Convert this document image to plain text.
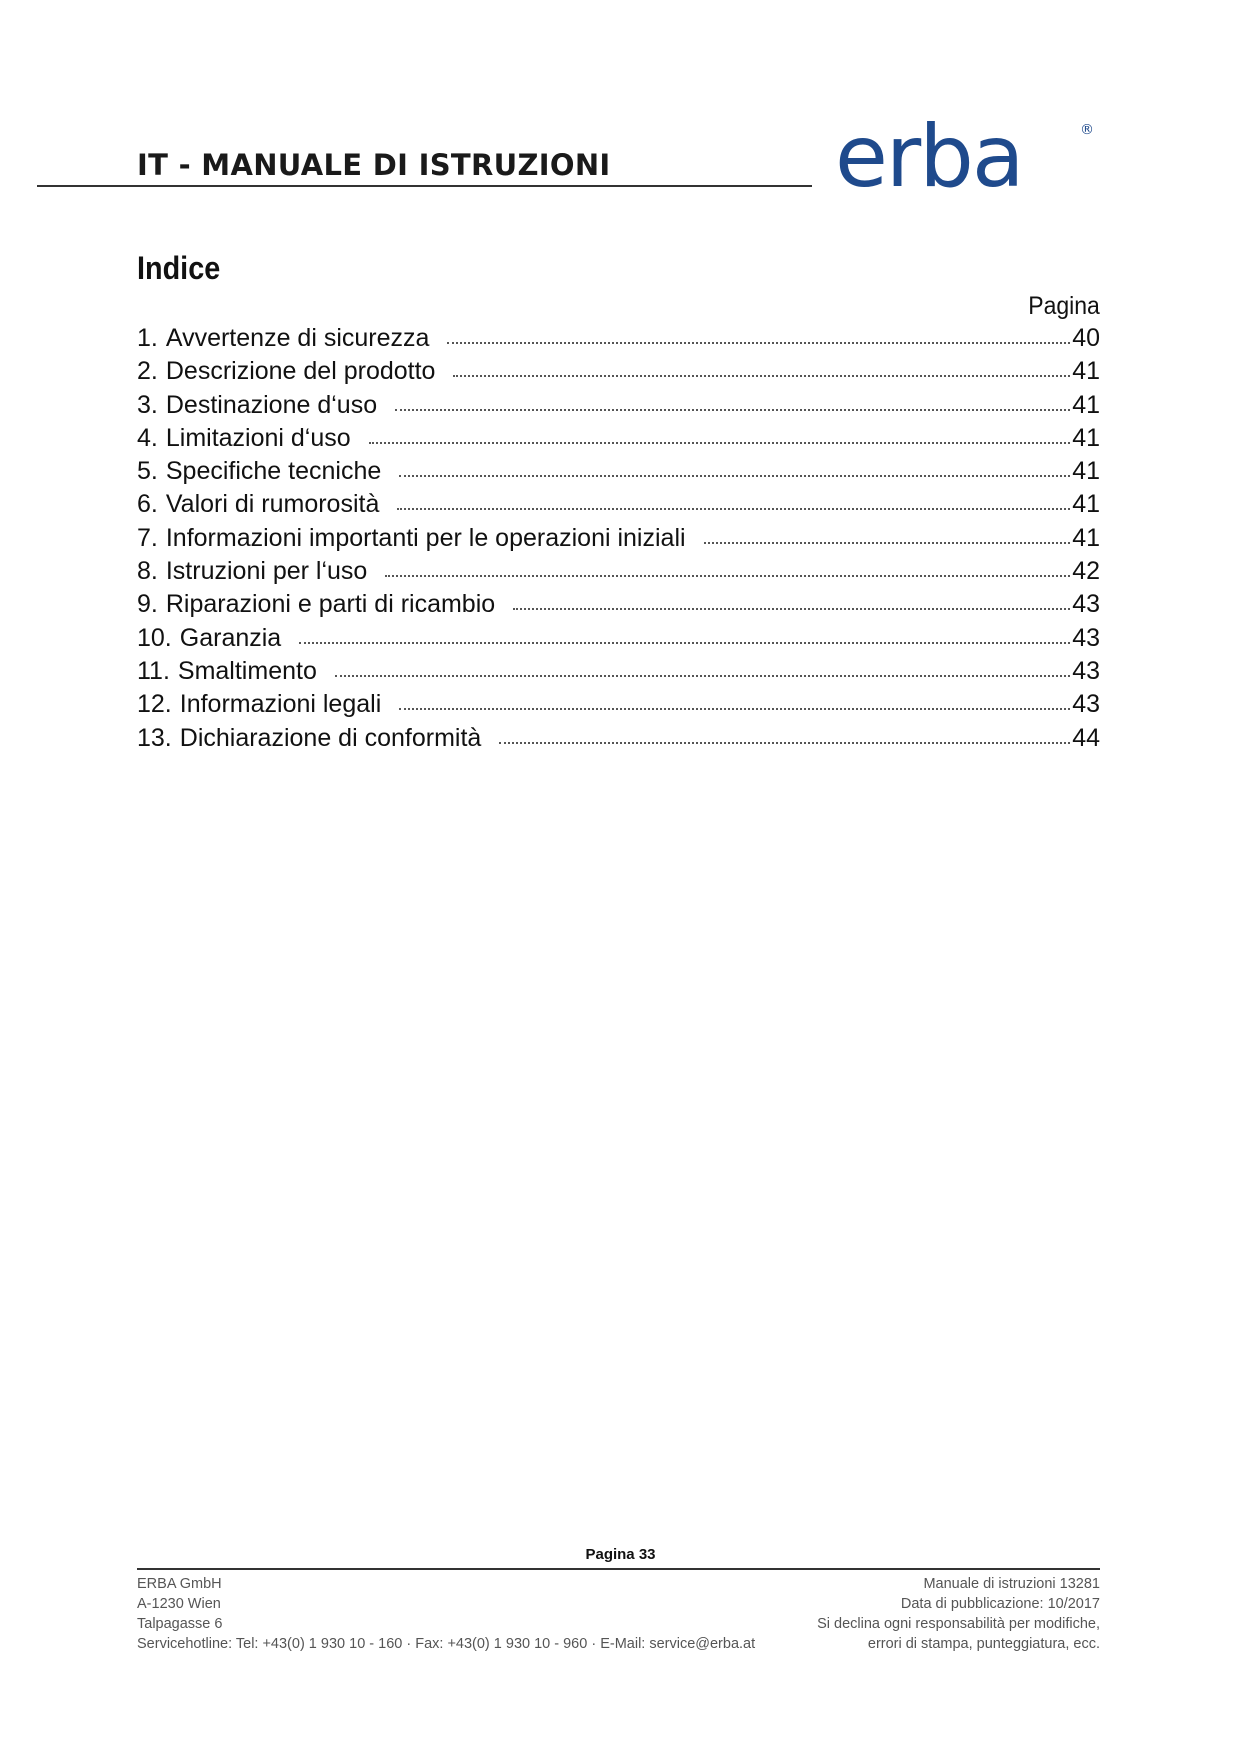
IT - MANUALE DI ISTRUZIONI	erba	®
Indice
Pagina
1. Avvertenze di sicurezza	40
2. Descrizione del prodotto	41
3. Destinazione d‘uso	41
4. Limitazioni d‘uso	41
5. Specifiche tecniche	41
6. Valori di rumorosità	41
7. Informazioni importanti per le operazioni iniziali	41
8. Istruzioni per l‘uso	42
9. Riparazioni e parti di ricambio	43
10. Garanzia	43
11. Smaltimento	43
12. Informazioni legali	43
13. Dichiarazione di conformità	44
Pagina 33
ERBA GmbH
A-1230 Wien
Talpagasse 6
Servicehotline: Tel: +43(0) 1 930 10 - 160 · Fax: +43(0) 1 930 10 - 960 · E-Mail: service@erba.at
Manuale di istruzioni 13281
Data di pubblicazione: 10/2017
Si declina ogni responsabilità per modifiche,
errori di stampa, punteggiatura, ecc.
